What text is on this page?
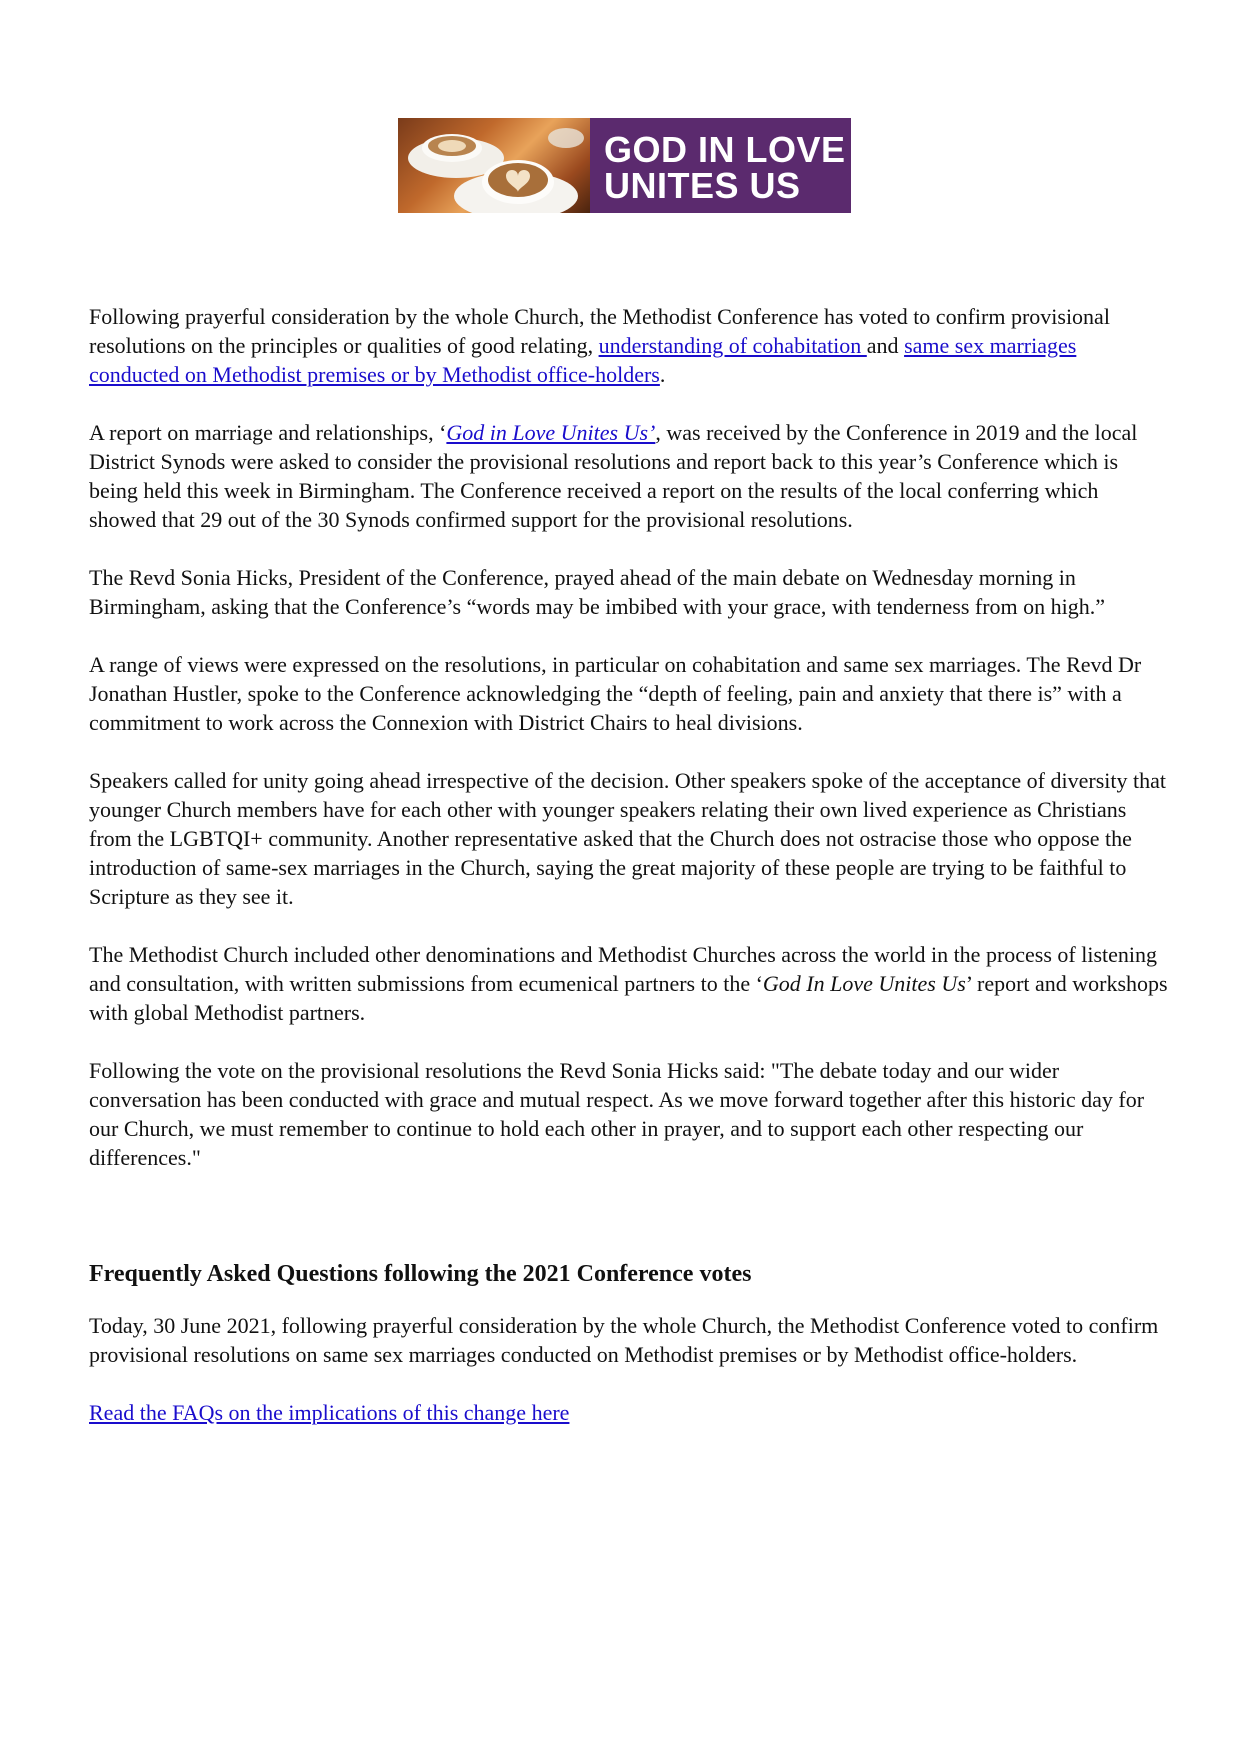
GOD IN LOVE
UNITES US

Following prayerful consideration by the whole Church, the Methodist Conference has voted to confirm provisional resolutions on the principles or qualities of good relating, understanding of cohabitation and same sex marriages conducted on Methodist premises or by Methodist office-holders.

A report on marriage and relationships, ‘God in Love Unites Us’, was received by the Conference in 2019 and the local District Synods were asked to consider the provisional resolutions and report back to this year’s Conference which is being held this week in Birmingham. The Conference received a report on the results of the local conferring which showed that 29 out of the 30 Synods confirmed support for the provisional resolutions.

The Revd Sonia Hicks, President of the Conference, prayed ahead of the main debate on Wednesday morning in Birmingham, asking that the Conference’s “words may be imbibed with your grace, with tenderness from on high.”

A range of views were expressed on the resolutions, in particular on cohabitation and same sex marriages. The Revd Dr Jonathan Hustler, spoke to the Conference acknowledging the “depth of feeling, pain and anxiety that there is” with a commitment to work across the Connexion with District Chairs to heal divisions.

Speakers called for unity going ahead irrespective of the decision. Other speakers spoke of the acceptance of diversity that younger Church members have for each other with younger speakers relating their own lived experience as Christians from the LGBTQI+ community. Another representative asked that the Church does not ostracise those who oppose the introduction of same-sex marriages in the Church, saying the great majority of these people are trying to be faithful to Scripture as they see it.

The Methodist Church included other denominations and Methodist Churches across the world in the process of listening and consultation, with written submissions from ecumenical partners to the ‘God In Love Unites Us’ report and workshops with global Methodist partners.

Following the vote on the provisional resolutions the Revd Sonia Hicks said: "The debate today and our wider conversation has been conducted with grace and mutual respect. As we move forward together after this historic day for our Church, we must remember to continue to hold each other in prayer, and to support each other respecting our differences."

Frequently Asked Questions following the 2021 Conference votes

Today, 30 June 2021, following prayerful consideration by the whole Church, the Methodist Conference voted to confirm provisional resolutions on same sex marriages conducted on Methodist premises or by Methodist office-holders.

Read the FAQs on the implications of this change here
